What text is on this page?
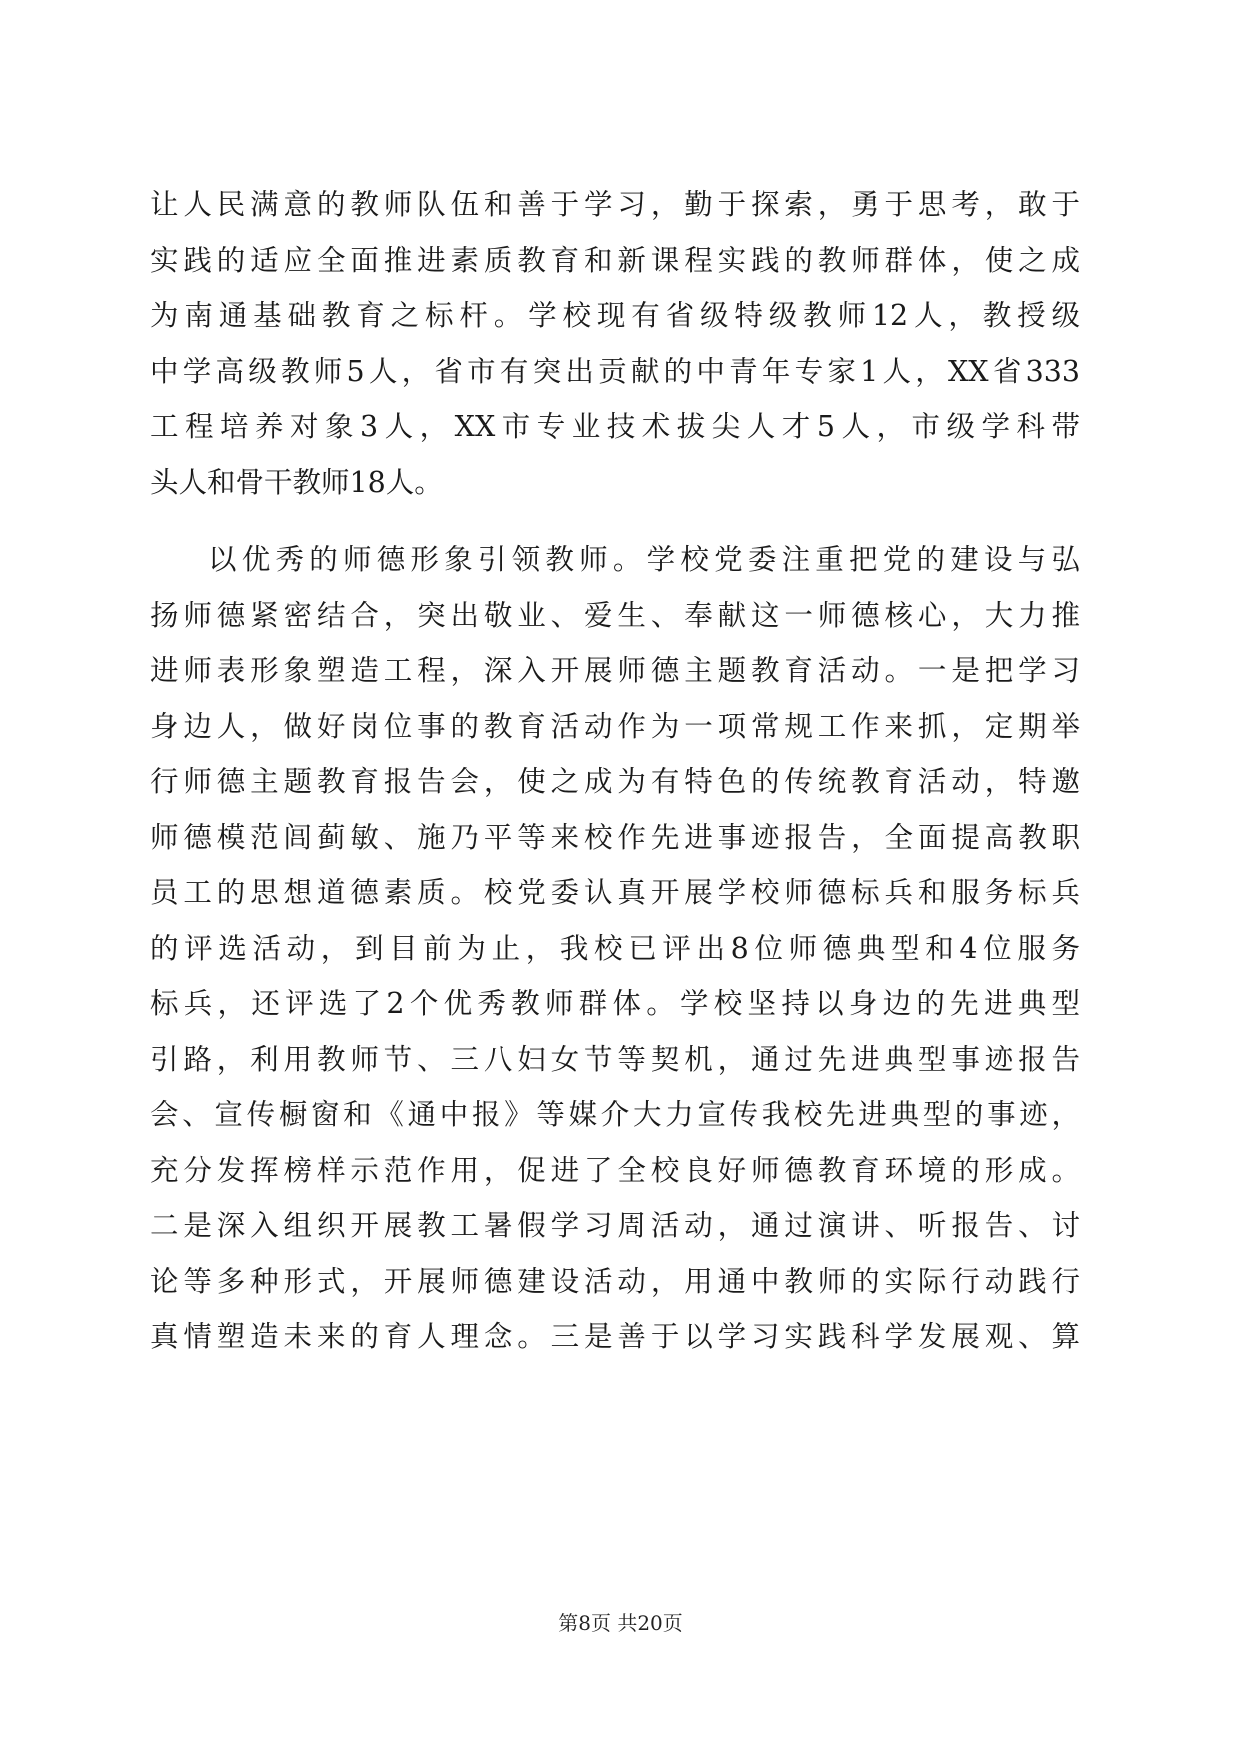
让人民满意的教师队伍和善于学习，勤于探索，勇于思考，敢于
实践的适应全面推进素质教育和新课程实践的教师群体，使之成
为南通基础教育之标杆。学校现有省级特级教师12人，教授级
中学高级教师5人，省市有突出贡献的中青年专家1人，XX省333
工程培养对象3人，XX市专业技术拔尖人才5人，市级学科带
头人和骨干教师18人。
以优秀的师德形象引领教师。学校党委注重把党的建设与弘
扬师德紧密结合，突出敬业、爱生、奉献这一师德核心，大力推
进师表形象塑造工程，深入开展师德主题教育活动。一是把学习
身边人，做好岗位事的教育活动作为一项常规工作来抓，定期举
行师德主题教育报告会，使之成为有特色的传统教育活动，特邀
师德模范闾蓟敏、施乃平等来校作先进事迹报告，全面提高教职
员工的思想道德素质。校党委认真开展学校师德标兵和服务标兵
的评选活动，到目前为止，我校已评出8位师德典型和4位服务
标兵，还评选了2个优秀教师群体。学校坚持以身边的先进典型
引路，利用教师节、三八妇女节等契机，通过先进典型事迹报告
会、宣传橱窗和《通中报》等媒介大力宣传我校先进典型的事迹，
充分发挥榜样示范作用，促进了全校良好师德教育环境的形成。
二是深入组织开展教工暑假学习周活动，通过演讲、听报告、讨
论等多种形式，开展师德建设活动，用通中教师的实际行动践行
真情塑造未来的育人理念。三是善于以学习实践科学发展观、算
第8页 共20页
